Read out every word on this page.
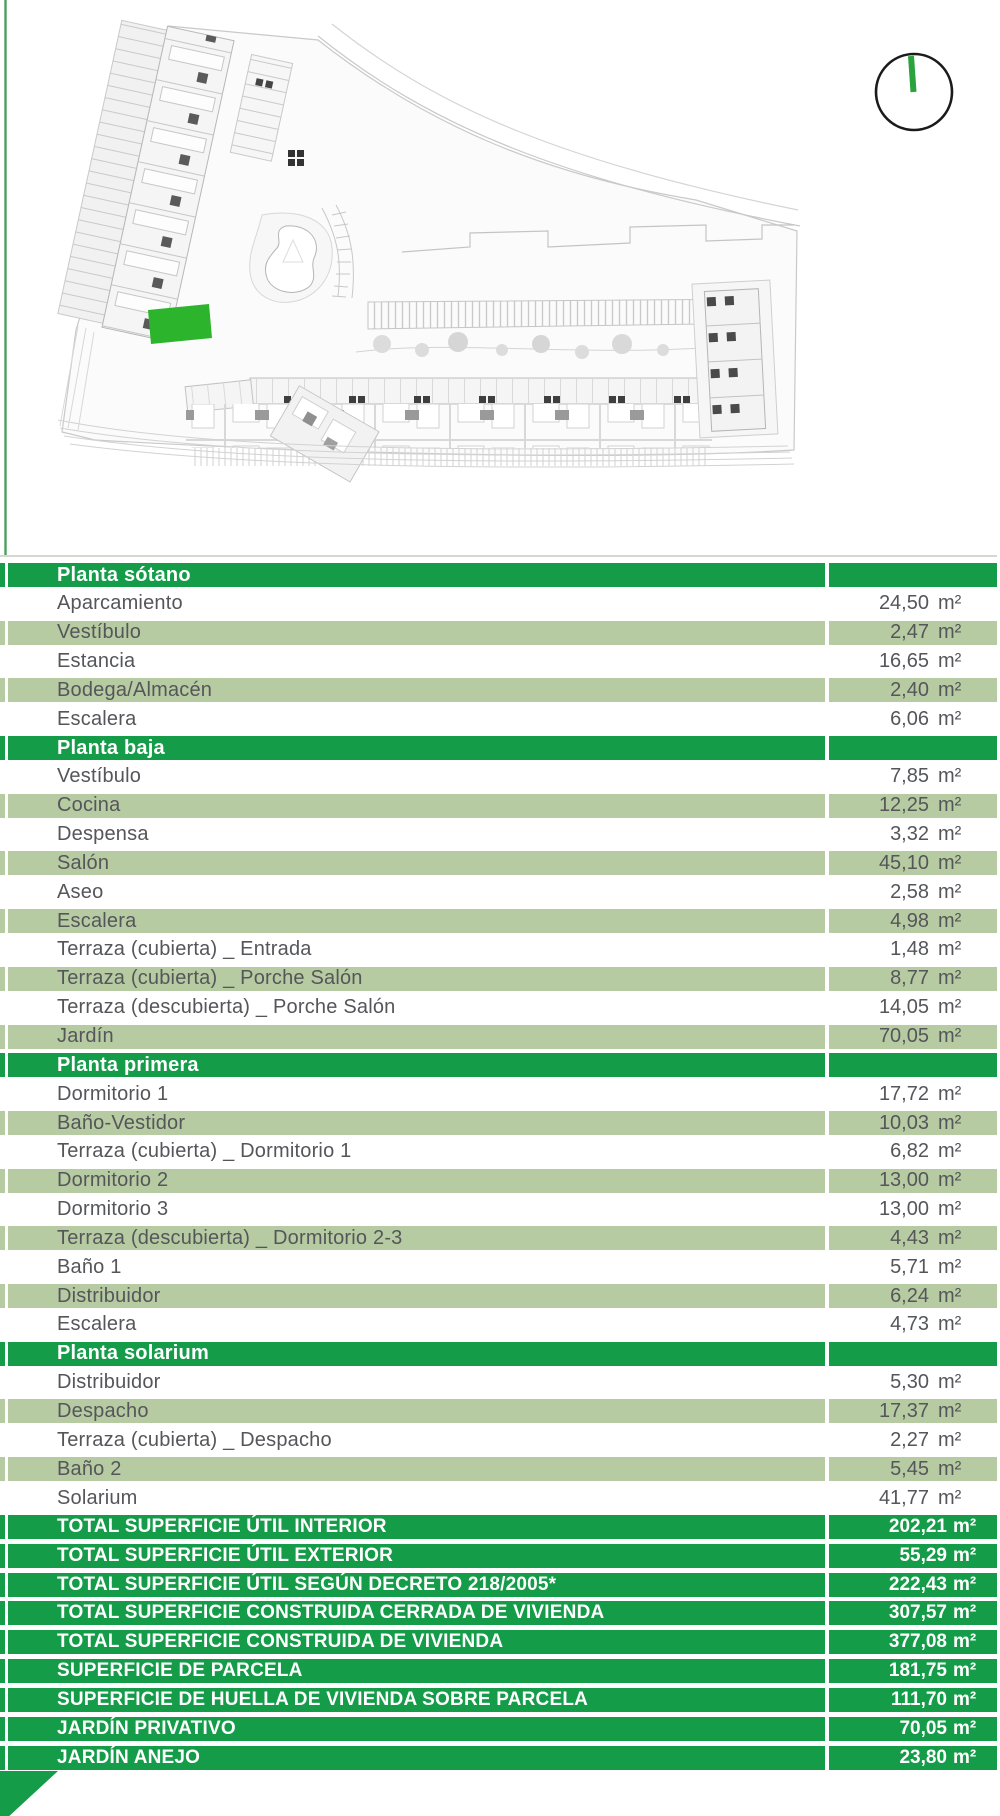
Planta sótano
Aparcamiento	24,50 m²
Vestíbulo	2,47 m²
Estancia	16,65 m²
Bodega/Almacén	2,40 m²
Escalera	6,06 m²
Planta baja
Vestíbulo	7,85 m²
Cocina	12,25 m²
Despensa	3,32 m²
Salón	45,10 m²
Aseo	2,58 m²
Escalera	4,98 m²
Terraza (cubierta) _ Entrada	1,48 m²
Terraza (cubierta) _ Porche Salón	8,77 m²
Terraza (descubierta) _ Porche Salón	14,05 m²
Jardín	70,05 m²
Planta primera
Dormitorio 1	17,72 m²
Baño-Vestidor	10,03 m²
Terraza (cubierta) _ Dormitorio 1	6,82 m²
Dormitorio 2	13,00 m²
Dormitorio 3	13,00 m²
Terraza (descubierta) _ Dormitorio 2-3	4,43 m²
Baño 1	5,71 m²
Distribuidor	6,24 m²
Escalera	4,73 m²
Planta solarium
Distribuidor	5,30 m²
Despacho	17,37 m²
Terraza (cubierta) _ Despacho	2,27 m²
Baño 2	5,45 m²
Solarium	41,77 m²
TOTAL SUPERFICIE ÚTIL INTERIOR	202,21 m²
TOTAL SUPERFICIE ÚTIL EXTERIOR	55,29 m²
TOTAL SUPERFICIE ÚTIL SEGÚN DECRETO 218/2005*	222,43 m²
TOTAL SUPERFICIE CONSTRUIDA CERRADA DE VIVIENDA	307,57 m²
TOTAL SUPERFICIE CONSTRUIDA DE VIVIENDA	377,08 m²
SUPERFICIE DE PARCELA	181,75 m²
SUPERFICIE DE HUELLA DE VIVIENDA SOBRE PARCELA	111,70 m²
JARDÍN PRIVATIVO	70,05 m²
JARDÍN ANEJO	23,80 m²
